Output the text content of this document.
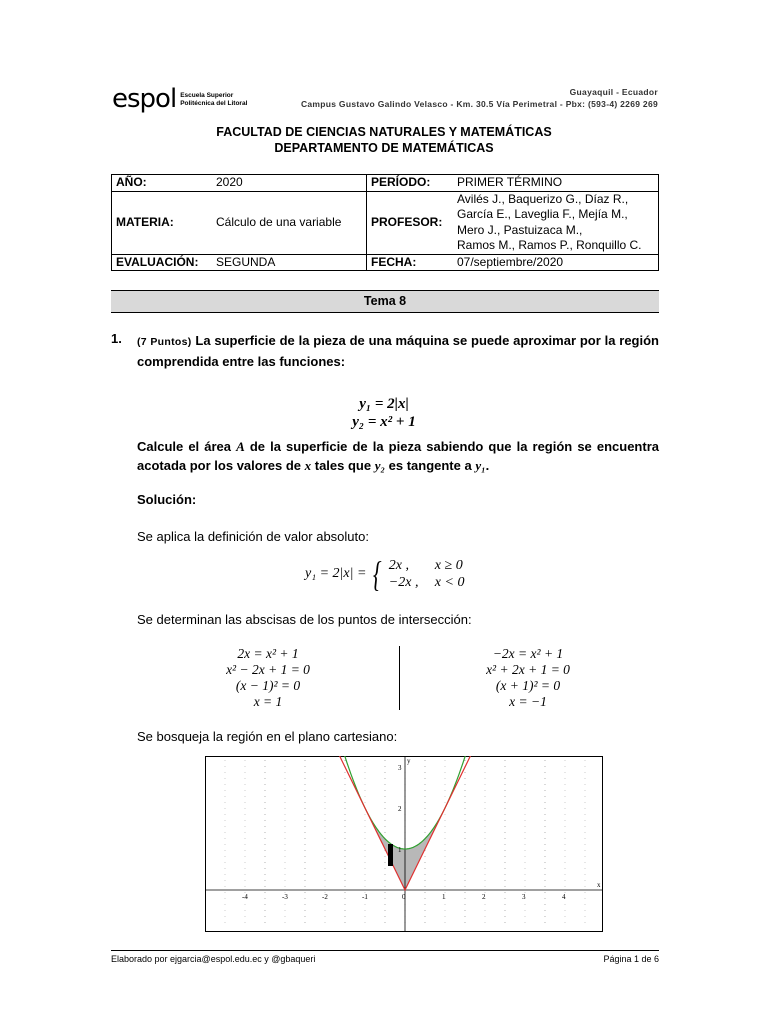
espol Escuela Superior
Politécnica del Litoral
Guayaquil - Ecuador
Campus Gustavo Galindo Velasco - Km. 30.5 Vía Perimetral - Pbx: (593-4) 2269 269
FACULTAD DE CIENCIAS NATURALES Y MATEMÁTICAS
DEPARTAMENTO DE MATEMÁTICAS
AÑO:	2020	PERÍODO:	PRIMER TÉRMINO
MATERIA:	Cálculo de una variable	PROFESOR:	Avilés J., Baquerizo G., Díaz R.,
García E., Laveglia F., Mejía M.,
Mero J., Pastuizaca M.,
Ramos M., Ramos P., Ronquillo C.

EVALUACIÓN:	SEGUNDA	FECHA:	07/septiembre/2020
Tema 8
1. (7 Puntos) La superficie de la pieza de una máquina se puede aproximar por la región comprendida entre las funciones:
y₁ = 2|x|
y₂ = x² + 1
Calcule el área A de la superficie de la pieza sabiendo que la región se encuentra acotada por los valores de x tales que y₂ es tangente a y₁.
Solución:
Se aplica la definición de valor absoluto:
y₁ = 2|x| = { 2x , x ≥ 0
−2x , x < 0
Se determinan las abscisas de los puntos de intersección:
2x = x² + 1
x² − 2x + 1 = 0
(x − 1)² = 0
x = 1
−2x = x² + 1
x² + 2x + 1 = 0
(x + 1)² = 0
x = −1
Se bosqueja la región en el plano cartesiano:
-4	-3	-2	-1	0	1	2	3	4
1
2
3
x
y
Elaborado por ejgarcia@espol.edu.ec y @gbaqueri	Página 1 de 6
